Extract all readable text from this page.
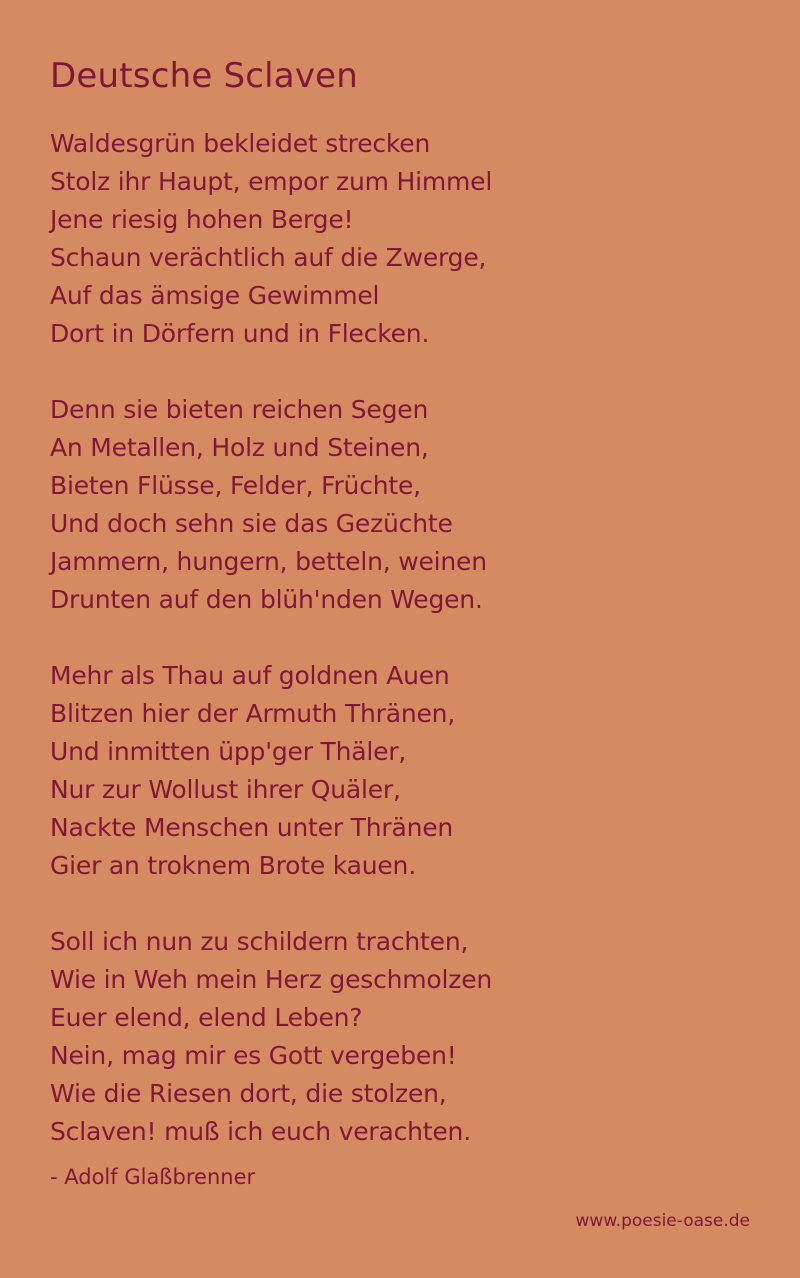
Deutsche Sclaven
Waldesgrün bekleidet strecken
Stolz ihr Haupt, empor zum Himmel
Jene riesig hohen Berge!
Schaun verächtlich auf die Zwerge,
Auf das ämsige Gewimmel
Dort in Dörfern und in Flecken.
Denn sie bieten reichen Segen
An Metallen, Holz und Steinen,
Bieten Flüsse, Felder, Früchte,
Und doch sehn sie das Gezüchte
Jammern, hungern, betteln, weinen
Drunten auf den blüh'nden Wegen.
Mehr als Thau auf goldnen Auen
Blitzen hier der Armuth Thränen,
Und inmitten üpp'ger Thäler,
Nur zur Wollust ihrer Quäler,
Nackte Menschen unter Thränen
Gier an troknem Brote kauen.
Soll ich nun zu schildern trachten,
Wie in Weh mein Herz geschmolzen
Euer elend, elend Leben?
Nein, mag mir es Gott vergeben!
Wie die Riesen dort, die stolzen,
Sclaven! muß ich euch verachten.
- Adolf Glaßbrenner
www.poesie-oase.de
